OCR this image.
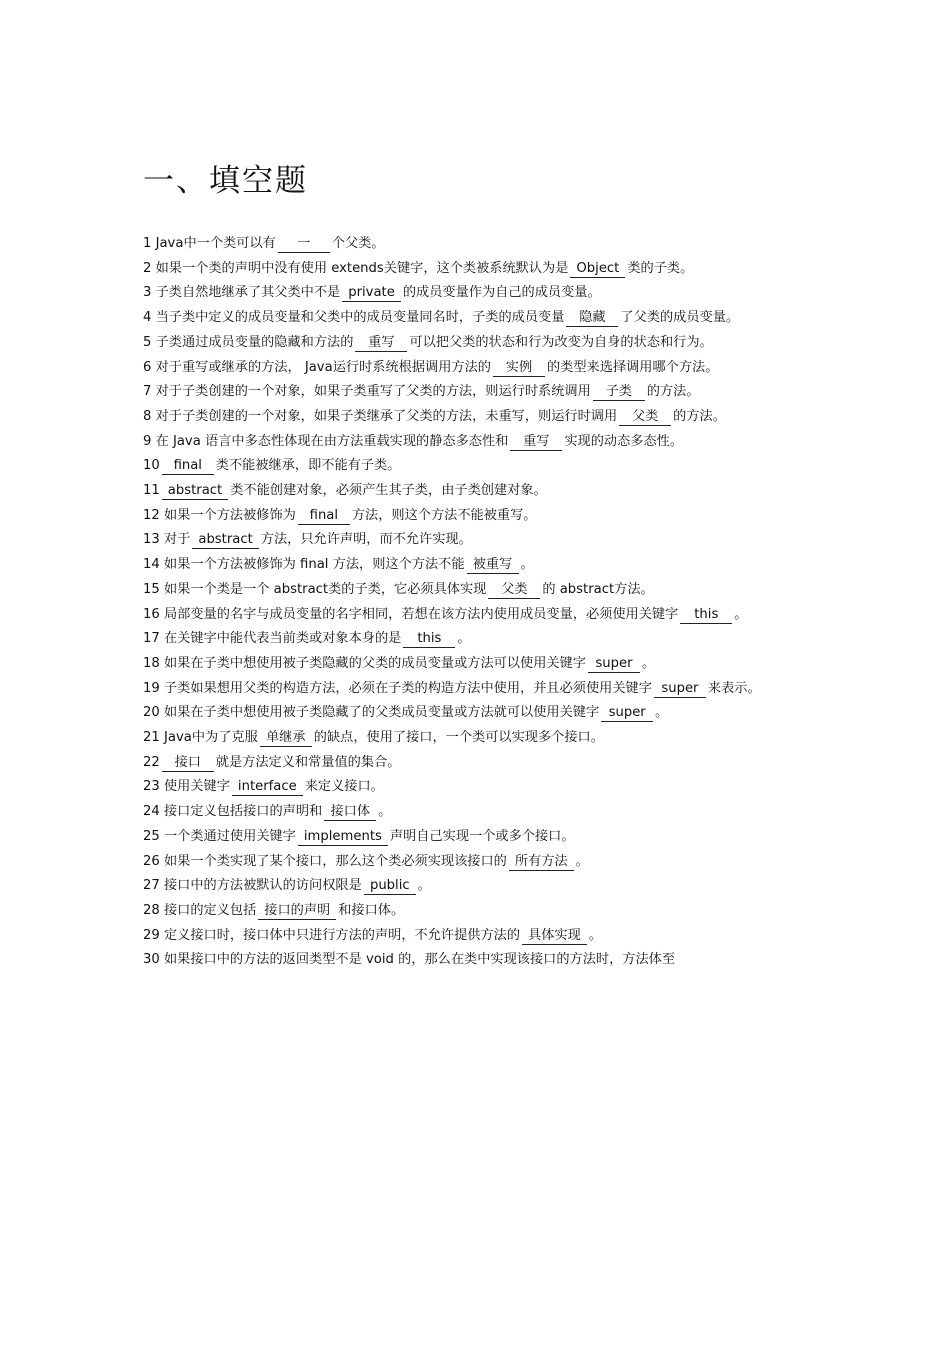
一、填空题

1 Java中一个类可以有 一 个父类。

2 如果一个类的声明中没有使用 extends关键字，这个类被系统默认为是 Object 类的子类。

3 子类自然地继承了其父类中不是 private 的成员变量作为自己的成员变量。

4 当子类中定义的成员变量和父类中的成员变量同名时，子类的成员变量 隐藏 了父类的成员变量。

5 子类通过成员变量的隐藏和方法的 重写 可以把父类的状态和行为改变为自身的状态和行为。

6 对于重写或继承的方法， Java运行时系统根据调用方法的 实例 的类型来选择调用哪个方法。

7 对于子类创建的一个对象，如果子类重写了父类的方法，则运行时系统调用 子类 的方法。

8 对于子类创建的一个对象，如果子类继承了父类的方法，未重写，则运行时调用 父类 的方法。

9 在 Java 语言中多态性体现在由方法重载实现的静态多态性和 重写 实现的动态多态性。

10 final 类不能被继承，即不能有子类。

11 abstract 类不能创建对象，必须产生其子类，由子类创建对象。

12 如果一个方法被修饰为 final 方法，则这个方法不能被重写。

13 对于 abstract 方法，只允许声明，而不允许实现。

14 如果一个方法被修饰为 final 方法，则这个方法不能 被重写 。

15 如果一个类是一个 abstract类的子类，它必须具体实现 父类 的 abstract方法。

16 局部变量的名字与成员变量的名字相同，若想在该方法内使用成员变量，必须使用关键字 this 。

17 在关键字中能代表当前类或对象本身的是 this 。

18 如果在子类中想使用被子类隐藏的父类的成员变量或方法可以使用关键字 super 。

19 子类如果想用父类的构造方法，必须在子类的构造方法中使用，并且必须使用关键字 super 来表示。

20 如果在子类中想使用被子类隐藏了的父类成员变量或方法就可以使用关键字 super 。

21 Java中为了克服 单继承 的缺点，使用了接口，一个类可以实现多个接口。

22 接口 就是方法定义和常量值的集合。

23 使用关键字 interface 来定义接口。

24 接口定义包括接口的声明和 接口体 。

25 一个类通过使用关键字 implements 声明自己实现一个或多个接口。

26 如果一个类实现了某个接口，那么这个类必须实现该接口的 所有方法 。

27 接口中的方法被默认的访问权限是 public 。

28 接口的定义包括 接口的声明 和接口体。

29 定义接口时，接口体中只进行方法的声明，不允许提供方法的 具体实现 。

30 如果接口中的方法的返回类型不是 void 的，那么在类中实现该接口的方法时，方法体至
